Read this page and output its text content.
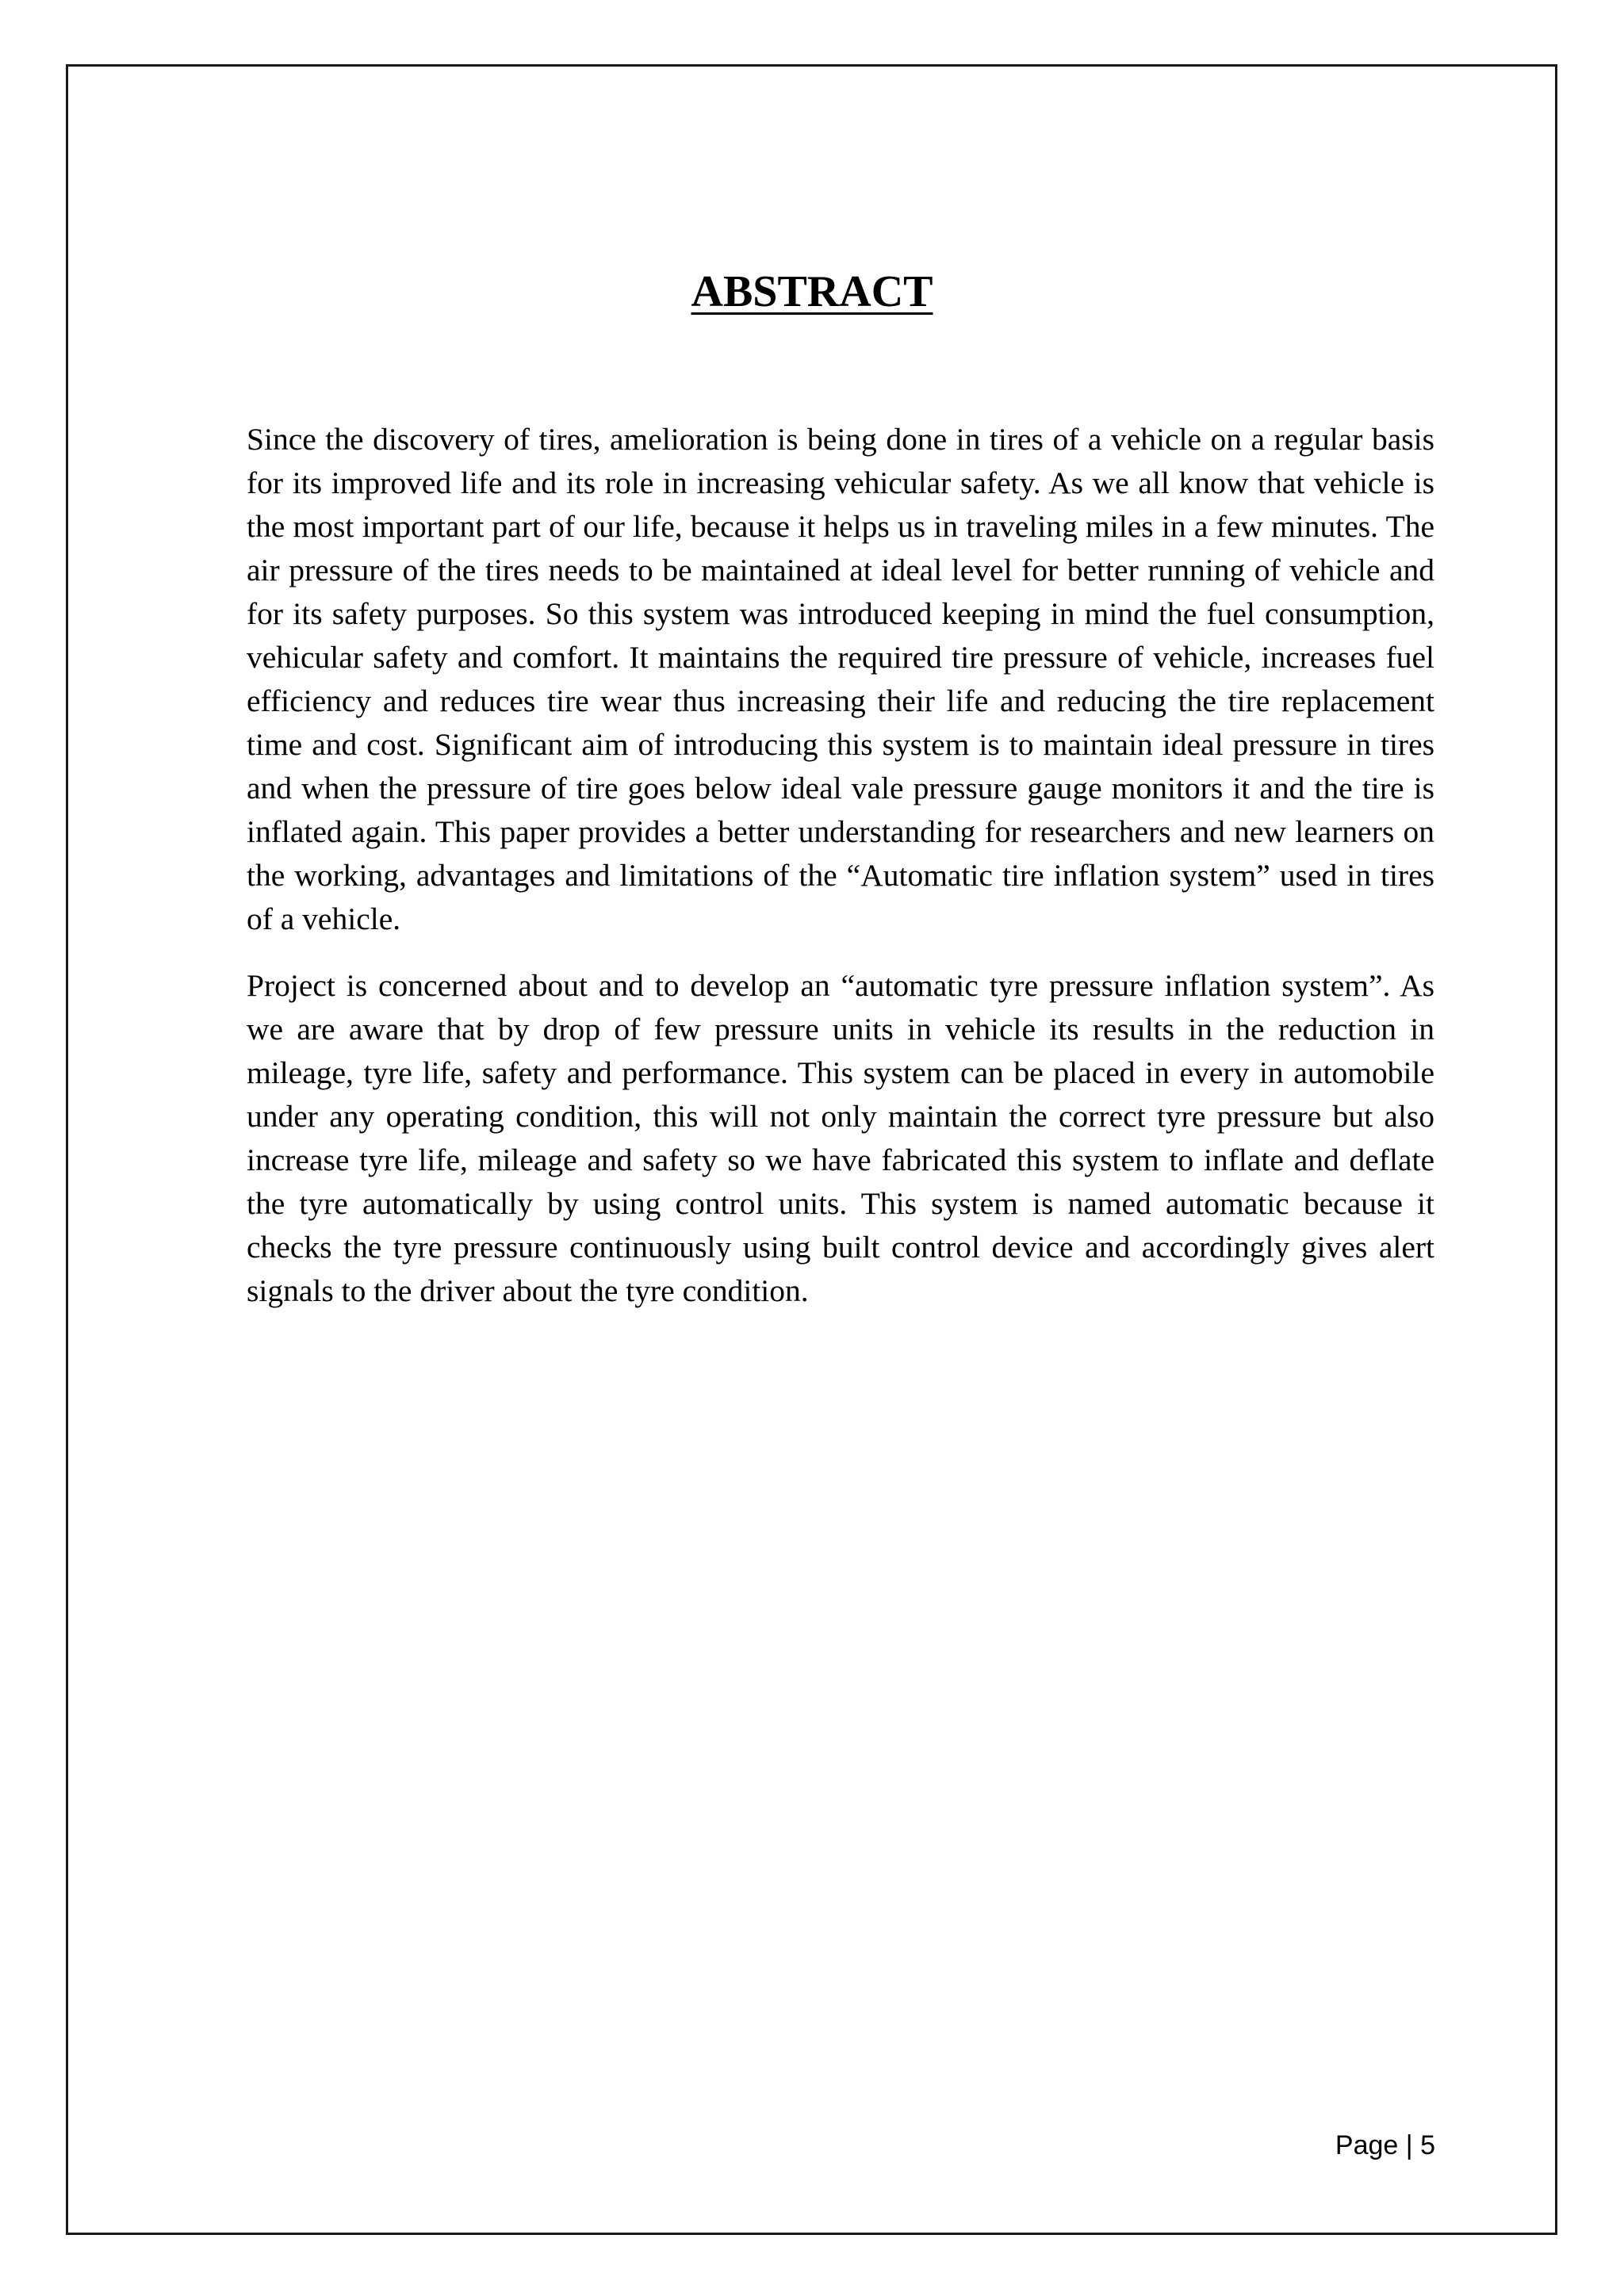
ABSTRACT

Since the discovery of tires, amelioration is being done in tires of a vehicle on a regular basis for its improved life and its role in increasing vehicular safety. As we all know that vehicle is the most important part of our life, because it helps us in traveling miles in a few minutes. The air pressure of the tires needs to be maintained at ideal level for better running of vehicle and for its safety purposes. So this system was introduced keeping in mind the fuel consumption, vehicular safety and comfort. It maintains the required tire pressure of vehicle, increases fuel efficiency and reduces tire wear thus increasing their life and reducing the tire replacement time and cost. Significant aim of introducing this system is to maintain ideal pressure in tires and when the pressure of tire goes below ideal vale pressure gauge monitors it and the tire is inflated again. This paper provides a better understanding for researchers and new learners on the working, advantages and limitations of the “Automatic tire inflation system” used in tires of a vehicle.

Project is concerned about and to develop an “automatic tyre pressure inflation system”. As we are aware that by drop of few pressure units in vehicle its results in the reduction in mileage, tyre life, safety and performance. This system can be placed in every in automobile under any operating condition, this will not only maintain the correct tyre pressure but also increase tyre life, mileage and safety so we have fabricated this system to inflate and deflate the tyre automatically by using control units. This system is named automatic because it checks the tyre pressure continuously using built control device and accordingly gives alert signals to the driver about the tyre condition.

Page | 5
